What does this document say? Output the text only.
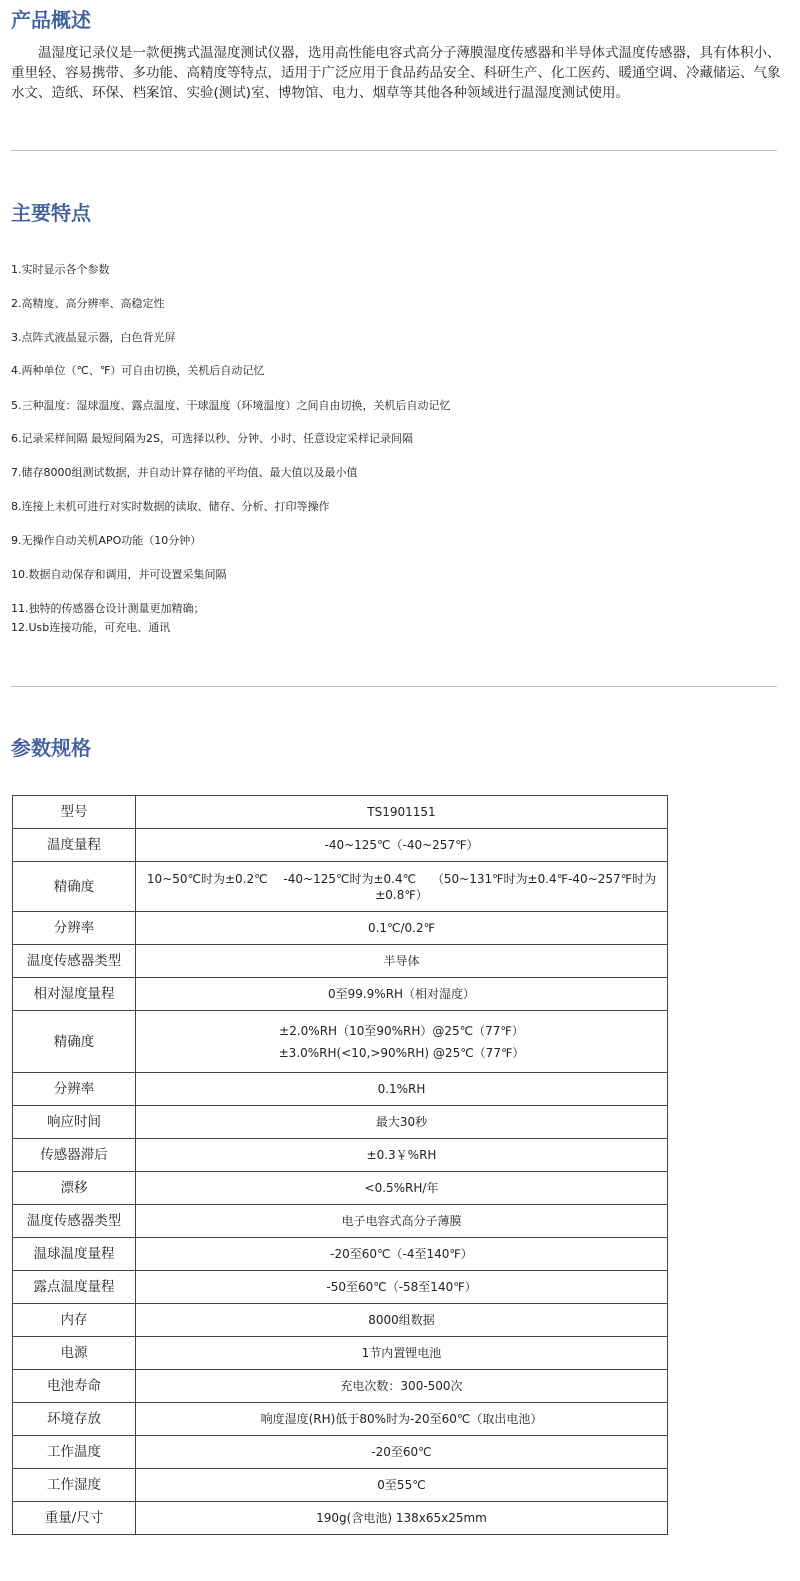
产品概述

温湿度记录仪是一款便携式温湿度测试仪器，选用高性能电容式高分子薄膜湿度传感器和半导体式温度传感器，具有体积小、重里轻、容易携带、多功能、高精度等特点，适用于广泛应用于食品药品安全、科研生产、化工医药、暖通空调、冷藏储运、气象水文、造纸、环保、档案馆、实验(测试)室、博物馆、电力、烟草等其他各种领域进行温湿度测试使用。

主要特点
1.实时显示各个参数
2.高精度、高分辨率、高稳定性
3.点阵式液晶显示器，白色背光屏
4.两种单位（℃、℉）可自由切换，关机后自动记忆
5.三种温度：湿球温度、露点温度、干球温度（环境温度）之间自由切换，关机后自动记忆
6.记录采样间隔 最短间隔为2S，可选择以秒、分钟、小时、任意设定采样记录间隔
7.储存8000组测试数据，并自动计算存储的平均值、最大值以及最小值
8.连接上未机可进行对实时数据的读取、储存、分析、打印等操作
9.无操作自动关机APO功能（10分钟）
10.数据自动保存和调用，并可设置采集间隔
11.独特的传感器仓设计测量更加精确；
12.Usb连接功能，可充电、通讯
参数规格
型号	TS1901151
温度量程	-40~125℃（-40~257℉）
精确度	10~50℃时为±0.2℃　 -40~125℃时为±0.4℃　 （50~131℉时为±0.4℉-40~257℉时为±0.8℉）
分辨率	0.1℃/0.2℉
温度传感器类型	半导体
相对湿度量程	0至99.9%RH（相对湿度）
精确度	±2.0%RH（10至90%RH）@25℃（77℉）
±3.0%RH(<10,>90%RH) @25℃（77℉）

分辨率	0.1%RH
响应时间	最大30秒
传感器滞后	±0.3￥%RH
漂移	<0.5%RH/年
温度传感器类型	电子电容式高分子薄膜
温球温度量程	-20至60℃（-4至140℉）
露点温度量程	-50至60℃（-58至140℉）
内存	8000组数据
电源	1节内置锂电池
电池寿命	充电次数：300-500次
环境存放	响度湿度(RH)低于80%时为-20至60℃（取出电池）
工作温度	-20至60℃
工作湿度	0至55℃
重量/尺寸	190g(含电池) 138x65x25mm
